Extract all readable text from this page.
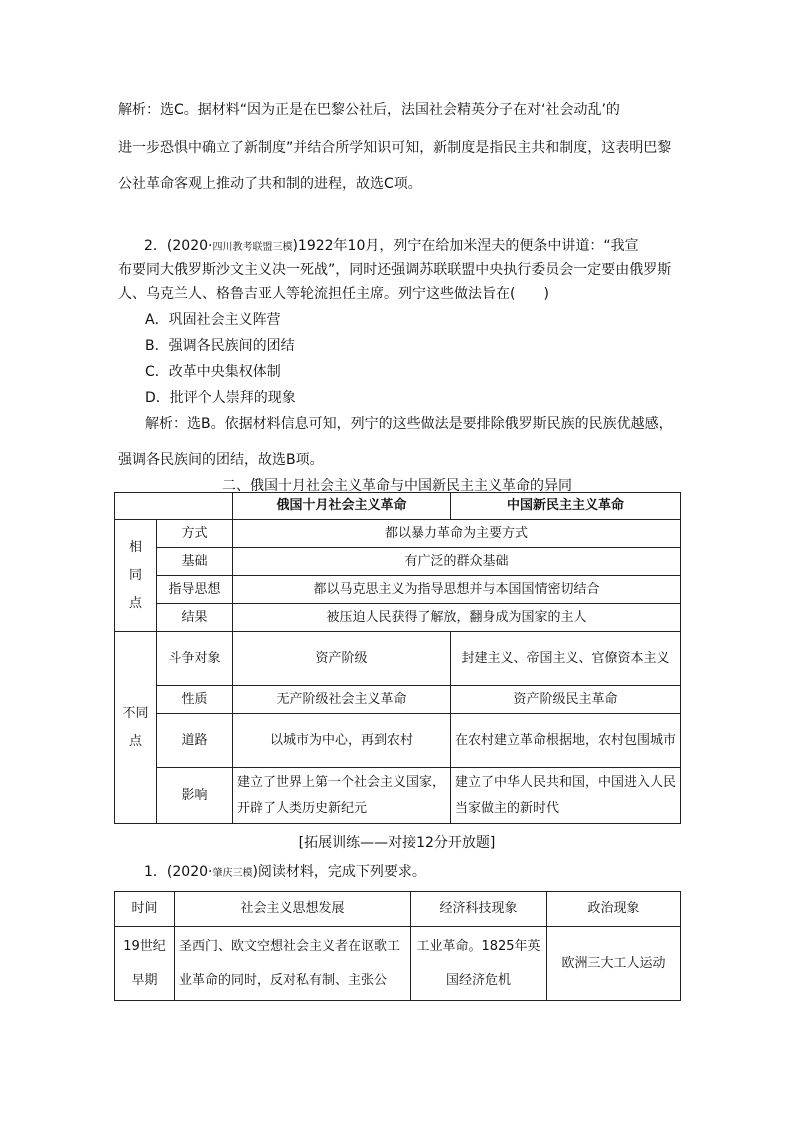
解析：选C。据材料“因为正是在巴黎公社后，法国社会精英分子在对‘社会动乱’的
进一步恐惧中确立了新制度”并结合所学知识可知，新制度是指民主共和制度，这表明巴黎
公社革命客观上推动了共和制的进程，故选C项。
2．(2020·四川教考联盟三模)1922年10月，列宁在给加米涅夫的便条中讲道：“我宣
布要同大俄罗斯沙文主义决一死战”，同时还强调苏联联盟中央执行委员会一定要由俄罗斯
人、乌克兰人、格鲁吉亚人等轮流担任主席。列宁这些做法旨在(　　)
A．巩固社会主义阵营
B．强调各民族间的团结
C．改革中央集权体制
D．批评个人崇拜的现象
解析：选B。依据材料信息可知，列宁的这些做法是要排除俄罗斯民族的民族优越感，
强调各民族间的团结，故选B项。
二、俄国十月社会主义革命与中国新民主主义革命的异同
		俄国十月社会主义革命	中国新民主主义革命
相
同
点	方式	都以暴力革命为主要方式	
	基础	有广泛的群众基础	
	指导思想	都以马克思主义为指导思想并与本国国情密切结合	
	结果	被压迫人民获得了解放，翻身成为国家的主人	
不同
点	斗争对象	资产阶级	封建主义、帝国主义、官僚资本主义
	性质	无产阶级社会主义革命	资产阶级民主革命
	道路	以城市为中心，再到农村	在农村建立革命根据地，农村包围城市
	影响	建立了世界上第一个社会主义国家，开辟了人类历史新纪元	建立了中华人民共和国，中国进入人民当家做主的新时代
[拓展训练——对接12分开放题]
1．(2020·肇庆三模)阅读材料，完成下列要求。
时间	社会主义思想发展	经济科技现象	政治现象
19世纪
早期	圣西门、欧文空想社会主义者在讴歌工业革命的同时，反对私有制、主张公	工业革命。1825年英国经济危机	欧洲三大工人运动
